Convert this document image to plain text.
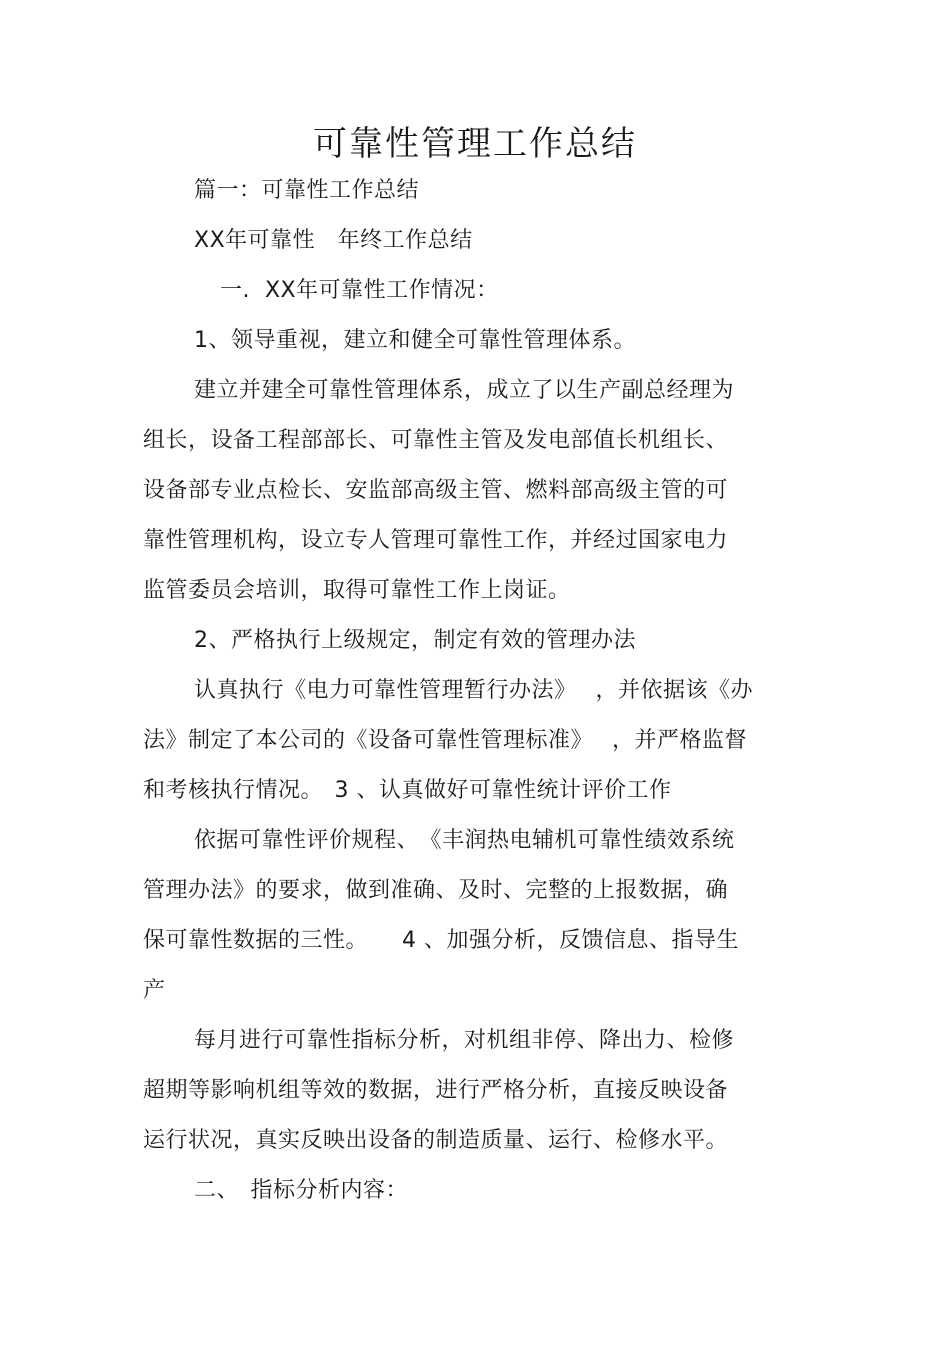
可靠性管理工作总结
篇一：可靠性工作总结
XX年可靠性　年终工作总结
一.  XX年可靠性工作情况：
1、领导重视，建立和健全可靠性管理体系。
建立并建全可靠性管理体系，成立了以生产副总经理为
组长，设备工程部部长、可靠性主管及发电部值长机组长、
设备部专业点检长、安监部高级主管、燃料部高级主管的可
靠性管理机构，设立专人管理可靠性工作，并经过国家电力
监管委员会培训，取得可靠性工作上岗证。
2、严格执行上级规定，制定有效的管理办法
认真执行《电力可靠性管理暂行办法》　 ，并依据该《办
法》制定了本公司的《设备可靠性管理标准》　 ，并严格监督
和考核执行情况。　3 、认真做好可靠性统计评价工作
依据可靠性评价规程、　《丰润热电辅机可靠性绩效系统
管理办法》的要求，做到准确、及时、完整的上报数据，确
保可靠性数据的三性。　　4 、加强分析，反馈信息、指导生
产
每月进行可靠性指标分析，对机组非停、降出力、检修
超期等影响机组等效的数据，进行严格分析，直接反映设备
运行状况，真实反映出设备的制造质量、运行、检修水平。
二、　指标分析内容：
